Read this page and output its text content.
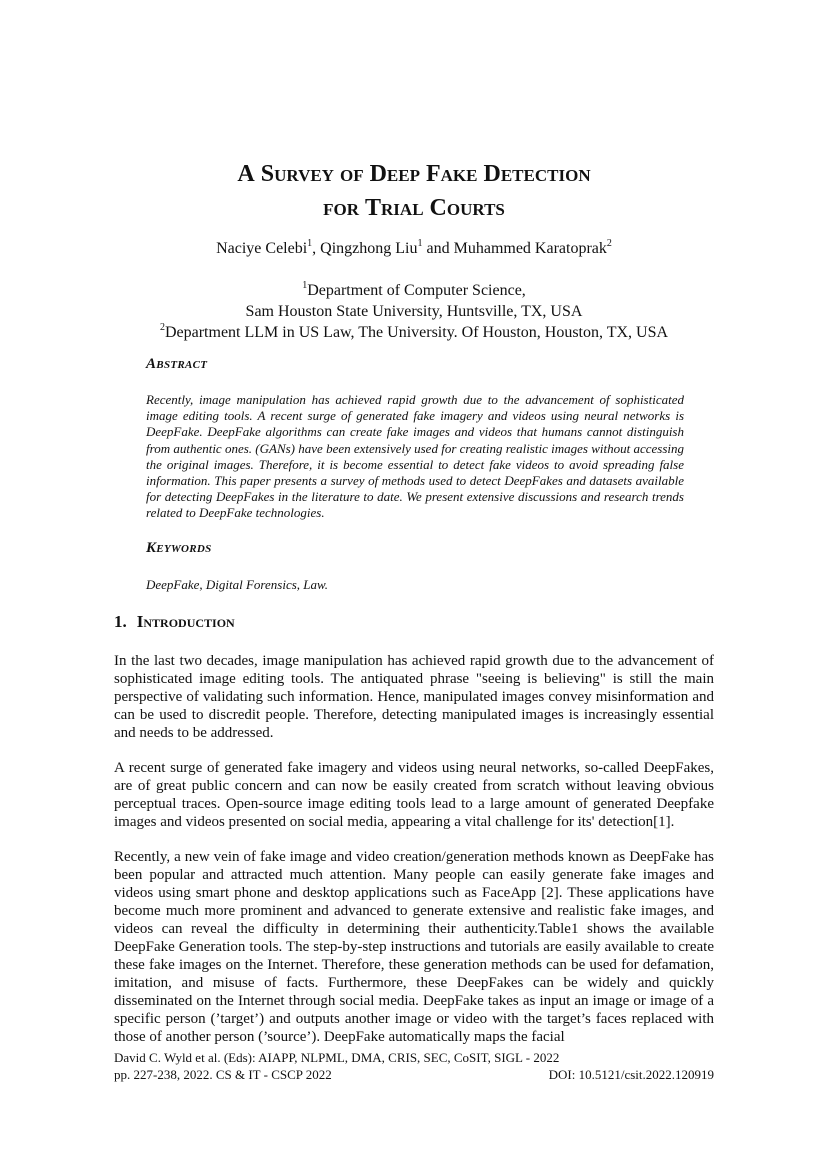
A Survey of Deep Fake Detection
for Trial Courts
Naciye Celebi$^1$, Qingzhong Liu$^1$ and Muhammed Karatoprak$^2$
$^1$Department of Computer Science,
Sam Houston State University, Huntsville, TX, USA
$^2$Department LLM in US Law, The University. Of Houston, Houston, TX, USA
Abstract
Recently, image manipulation has achieved rapid growth due to the advancement of sophisticated image editing tools. A recent surge of generated fake imagery and videos using neural networks is DeepFake. DeepFake algorithms can create fake images and videos that humans cannot distinguish from authentic ones. (GANs) have been extensively used for creating realistic images without accessing the original images. Therefore, it is become essential to detect fake videos to avoid spreading false information. This paper presents a survey of methods used to detect DeepFakes and datasets available for detecting DeepFakes in the literature to date. We present extensive discussions and research trends related to DeepFake technologies.
Keywords
DeepFake, Digital Forensics, Law.
1. Introduction

In the last two decades, image manipulation has achieved rapid growth due to the advancement of sophisticated image editing tools. The antiquated phrase "seeing is believing" is still the main perspective of validating such information. Hence, manipulated images convey misinformation and can be used to discredit people. Therefore, detecting manipulated images is increasingly essential and needs to be addressed.

A recent surge of generated fake imagery and videos using neural networks, so-called DeepFakes, are of great public concern and can now be easily created from scratch without leaving obvious perceptual traces. Open-source image editing tools lead to a large amount of generated Deepfake images and videos presented on social media, appearing a vital challenge for its' detection[1].

Recently, a new vein of fake image and video creation/generation methods known as DeepFake has been popular and attracted much attention. Many people can easily generate fake images and videos using smart phone and desktop applications such as FaceApp [2]. These applications have become much more prominent and advanced to generate extensive and realistic fake images, and videos can reveal the difficulty in determining their authenticity.Table1 shows the available DeepFake Generation tools. The step-by-step instructions and tutorials are easily available to create these fake images on the Internet. Therefore, these generation methods can be used for defamation, imitation, and misuse of facts. Furthermore, these DeepFakes can be widely and quickly disseminated on the Internet through social media. DeepFake takes as input an image or image of a specific person (’target’) and outputs another image or video with the target’s faces replaced with those of another person (’source’). DeepFake automatically maps the facial

David C. Wyld et al. (Eds): AIAPP, NLPML, DMA, CRIS, SEC, CoSIT, SIGL - 2022
pp. 227-238, 2022. CS & IT - CSCP 2022	DOI: 10.5121/csit.2022.120919
